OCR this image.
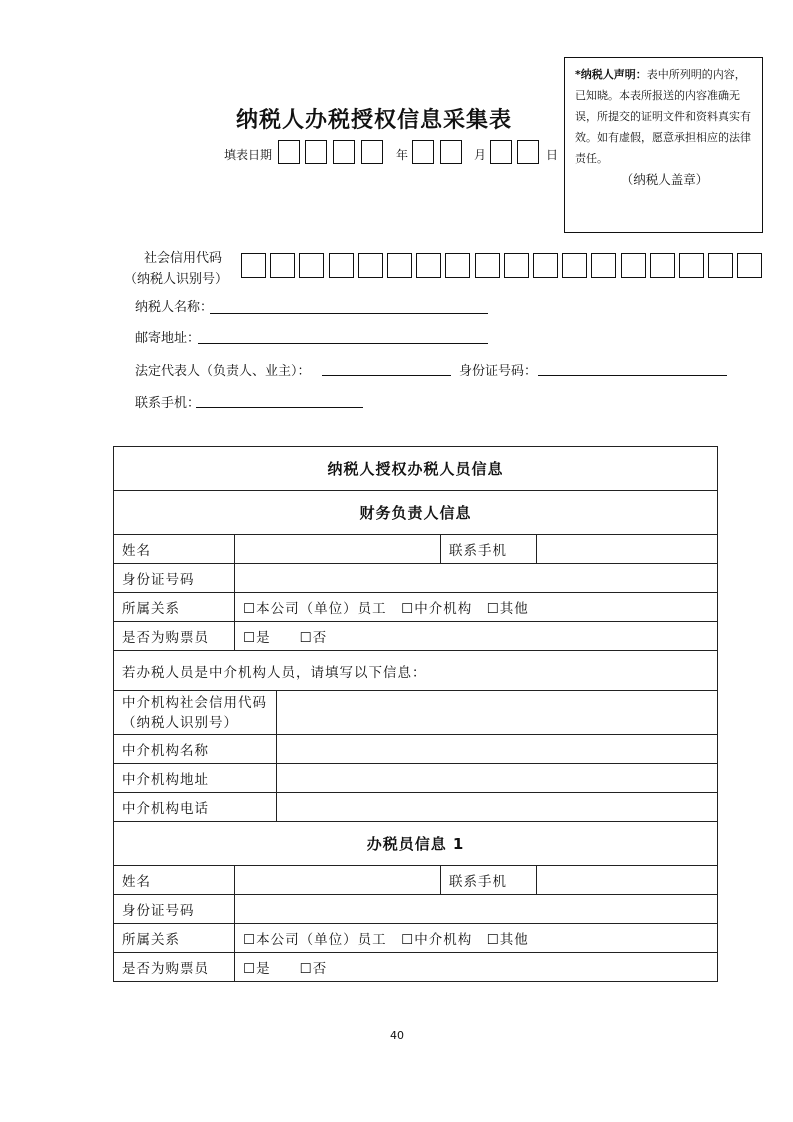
纳税人办税授权信息采集表
填表日期	年	月	日
*纳税人声明：表中所列明的内容，已知晓。本表所报送的内容准确无误，所提交的证明文件和资料真实有效。如有虚假，愿意承担相应的法律责任。
（纳税人盖章）
社会信用代码
（纳税人识别号）
纳税人名称：
邮寄地址：
法定代表人（负责人、业主）：	身份证号码：
联系手机：
纳税人授权办税人员信息				
财务负责人信息				
姓名			联系手机	
身份证号码				
所属关系	☐本公司（单位）员工　☐中介机构　☐其他			
是否为购票员	☐是　　☐否			
若办税人员是中介机构人员，请填写以下信息：				
中介机构社会信用代码（纳税人识别号）				
中介机构名称				
中介机构地址				
中介机构电话				
办税员信息 1				
姓名			联系手机	
身份证号码				
所属关系	☐本公司（单位）员工　☐中介机构　☐其他			
是否为购票员	☐是　　☐否			
40
